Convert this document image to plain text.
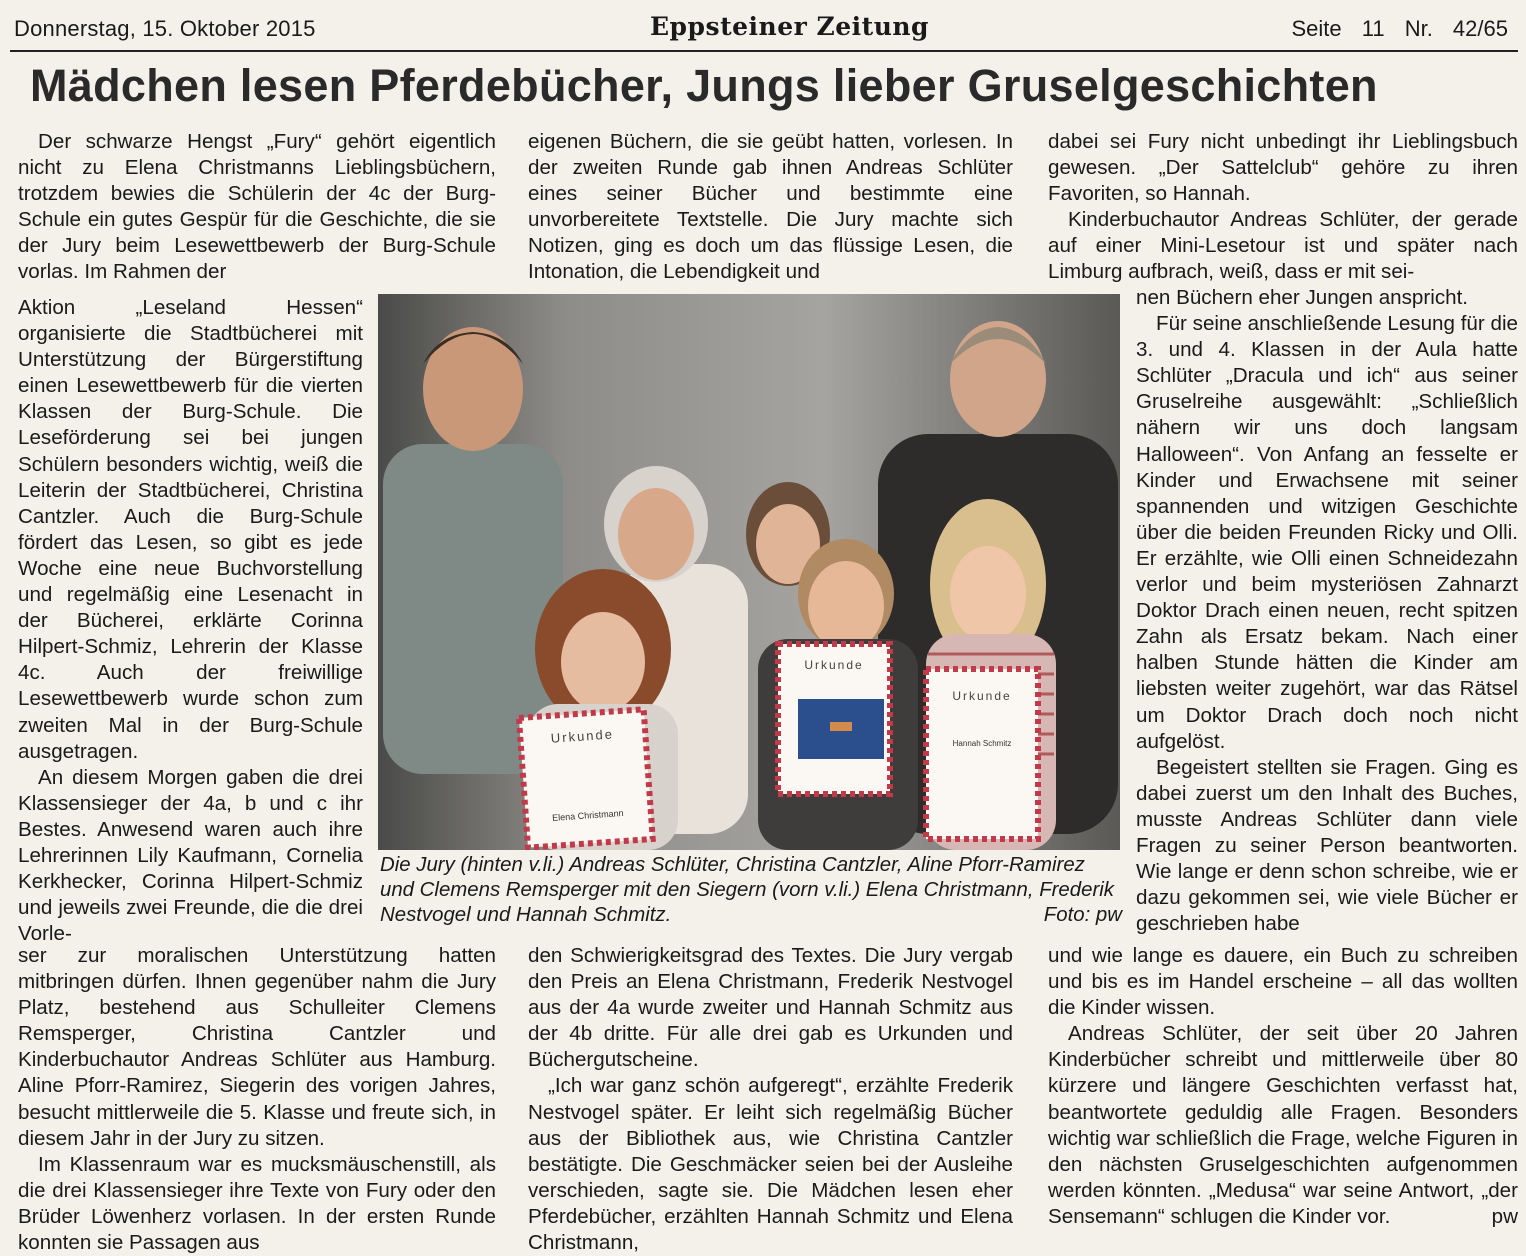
Donnerstag, 15. Oktober 2015	Eppsteiner Zeitung	Seite 11 Nr. 42/65
Mädchen lesen Pferdebücher, Jungs lieber Gruselgeschichten

Der schwarze Hengst „Fury“ gehört eigentlich nicht zu Elena Christmanns Lieblingsbüchern, trotzdem bewies die Schülerin der 4c der Burg-Schule ein gutes Gespür für die Geschichte, die sie der Jury beim Lesewettbewerb der Burg-Schule vorlas. Im Rahmen der

Aktion „Leseland Hessen“ organisierte die Stadtbücherei mit Unterstützung der Bürgerstiftung einen Lesewettbewerb für die vierten Klassen der Burg-Schule. Die Leseförderung sei bei jungen Schülern besonders wichtig, weiß die Leiterin der Stadtbücherei, Christina Cantzler. Auch die Burg-Schule fördert das Lesen, so gibt es jede Woche eine neue Buchvorstellung und regelmäßig eine Lesenacht in der Bücherei, erklärte Corinna Hilpert-Schmiz, Lehrerin der Klasse 4c. Auch der freiwillige Lesewettbewerb wurde schon zum zweiten Mal in der Burg-Schule ausgetragen.

An diesem Morgen gaben die drei Klassensieger der 4a, b und c ihr Bestes. Anwesend waren auch ihre Lehrerinnen Lily Kaufmann, Cornelia Kerkhecker, Corinna Hilpert-Schmiz und jeweils zwei Freunde, die die drei Vorle-

ser zur moralischen Unterstützung hatten mitbringen dürfen. Ihnen gegenüber nahm die Jury Platz, bestehend aus Schulleiter Clemens Remsperger, Christina Cantzler und Kinderbuchautor Andreas Schlüter aus Hamburg. Aline Pforr-Ramirez, Siegerin des vorigen Jahres, besucht mittlerweile die 5. Klasse und freute sich, in diesem Jahr in der Jury zu sitzen.

Im Klassenraum war es mucksmäuschenstill, als die drei Klassensieger ihre Texte von Fury oder den Brüder Löwenherz vorlasen. In der ersten Runde konnten sie Passagen aus

eigenen Büchern, die sie geübt hatten, vorlesen. In der zweiten Runde gab ihnen Andreas Schlüter eines seiner Bücher und bestimmte eine unvorbereitete Textstelle. Die Jury machte sich Notizen, ging es doch um das flüssige Lesen, die Intonation, die Lebendigkeit und

den Schwierigkeitsgrad des Textes. Die Jury vergab den Preis an Elena Christmann, Frederik Nestvogel aus der 4a wurde zweiter und Hannah Schmitz aus der 4b dritte. Für alle drei gab es Urkunden und Büchergutscheine.

„Ich war ganz schön aufgeregt“, erzählte Frederik Nestvogel später. Er leiht sich regelmäßig Bücher aus der Bibliothek aus, wie Christina Cantzler bestätigte. Die Geschmäcker seien bei der Ausleihe verschieden, sagte sie. Die Mädchen lesen eher Pferdebücher, erzählten Hannah Schmitz und Elena Christmann,

dabei sei Fury nicht unbedingt ihr Lieblingsbuch gewesen. „Der Sattelclub“ gehöre zu ihren Favoriten, so Hannah.

Kinderbuchautor Andreas Schlüter, der gerade auf einer Mini-Lesetour ist und später nach Limburg aufbrach, weiß, dass er mit sei-

nen Büchern eher Jungen anspricht.

Für seine anschließende Lesung für die 3. und 4. Klassen in der Aula hatte Schlüter „Dracula und ich“ aus seiner Gruselreihe ausgewählt: „Schließlich nähern wir uns doch langsam Halloween“. Von Anfang an fesselte er Kinder und Erwachsene mit seiner spannenden und witzigen Geschichte über die beiden Freunden Ricky und Olli. Er erzählte, wie Olli einen Schneidezahn verlor und beim mysteriösen Zahnarzt Doktor Drach einen neuen, recht spitzen Zahn als Ersatz bekam. Nach einer halben Stunde hätten die Kinder am liebsten weiter zugehört, war das Rätsel um Doktor Drach doch noch nicht aufgelöst.

Begeistert stellten sie Fragen. Ging es dabei zuerst um den Inhalt des Buches, musste Andreas Schlüter dann viele Fragen zu seiner Person beantworten. Wie lange er denn schon schreibe, wie er dazu gekommen sei, wie viele Bücher er geschrieben habe

und wie lange es dauere, ein Buch zu schreiben und bis es im Handel erscheine – all das wollten die Kinder wissen.

Andreas Schlüter, der seit über 20 Jahren Kinderbücher schreibt und mittlerweile über 80 kürzere und längere Geschichten verfasst hat, beantwortete geduldig alle Fragen. Besonders wichtig war schließlich die Frage, welche Figuren in den nächsten Gruselgeschichten aufgenommen werden könnten. „Medusa“ war seine Antwort, „der Sensemann“ schlugen die Kinder vor.	pw

Urkunde
Elena Christmann
Urkunde
Urkunde
Hannah Schmitz

Die Jury (hinten v.li.) Andreas Schlüter, Christina Cantzler, Aline Pforr-Ramirez und Clemens Remsperger mit den Siegern (vorn v.li.) Elena Christmann, Frederik Nestvogel und Hannah Schmitz.	Foto: pw
